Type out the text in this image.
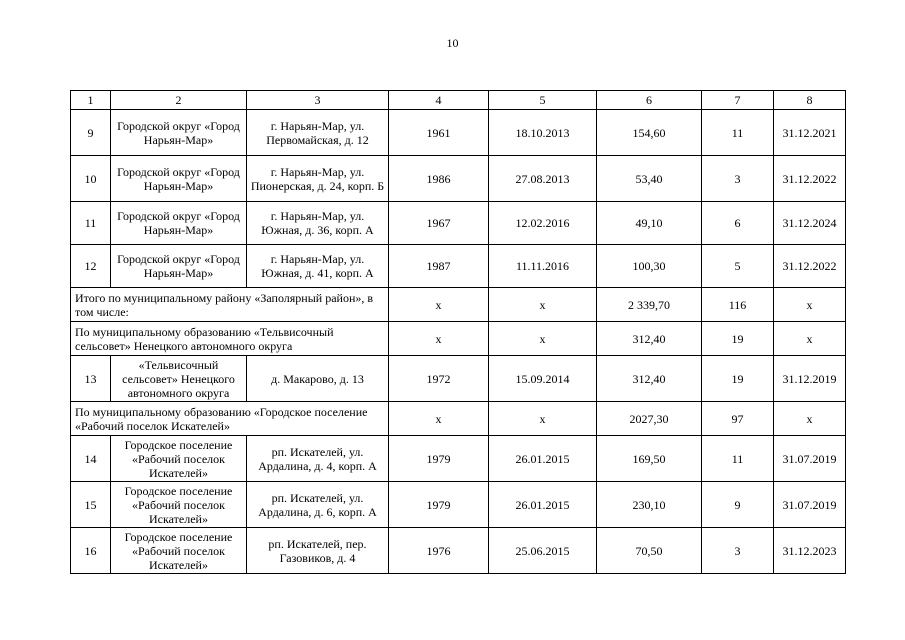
10
1	2	3	4	5	6	7	8
9	Городской округ «Город Нарьян-Мар»	г. Нарьян-Мар, ул. Первомайская, д. 12	1961	18.10.2013	154,60	11	31.12.2021
10	Городской округ «Город Нарьян-Мар»	г. Нарьян-Мар, ул. Пионерская, д. 24, корп. Б	1986	27.08.2013	53,40	3	31.12.2022
11	Городской округ «Город Нарьян-Мар»	г. Нарьян-Мар, ул. Южная, д. 36, корп. А	1967	12.02.2016	49,10	6	31.12.2024
12	Городской округ «Город Нарьян-Мар»	г. Нарьян-Мар, ул. Южная, д. 41, корп. А	1987	11.11.2016	100,30	5	31.12.2022
Итого по муниципальному району «Заполярный район», в том числе:			x	x	2 339,70	116	x
По муниципальному образованию «Тельвисочный сельсовет» Ненецкого автономного округа			x	x	312,40	19	x
13	«Тельвисочный сельсовет» Ненецкого автономного округа	д. Макарово, д. 13	1972	15.09.2014	312,40	19	31.12.2019
По муниципальному образованию «Городское поселение «Рабочий поселок Искателей»			x	x	2027,30	97	x
14	Городское поселение «Рабочий поселок Искателей»	рп. Искателей, ул. Ардалина, д. 4, корп. А	1979	26.01.2015	169,50	11	31.07.2019
15	Городское поселение «Рабочий поселок Искателей»	рп. Искателей, ул. Ардалина, д. 6, корп. А	1979	26.01.2015	230,10	9	31.07.2019
16	Городское поселение «Рабочий поселок Искателей»	рп. Искателей, пер. Газовиков, д. 4	1976	25.06.2015	70,50	3	31.12.2023
